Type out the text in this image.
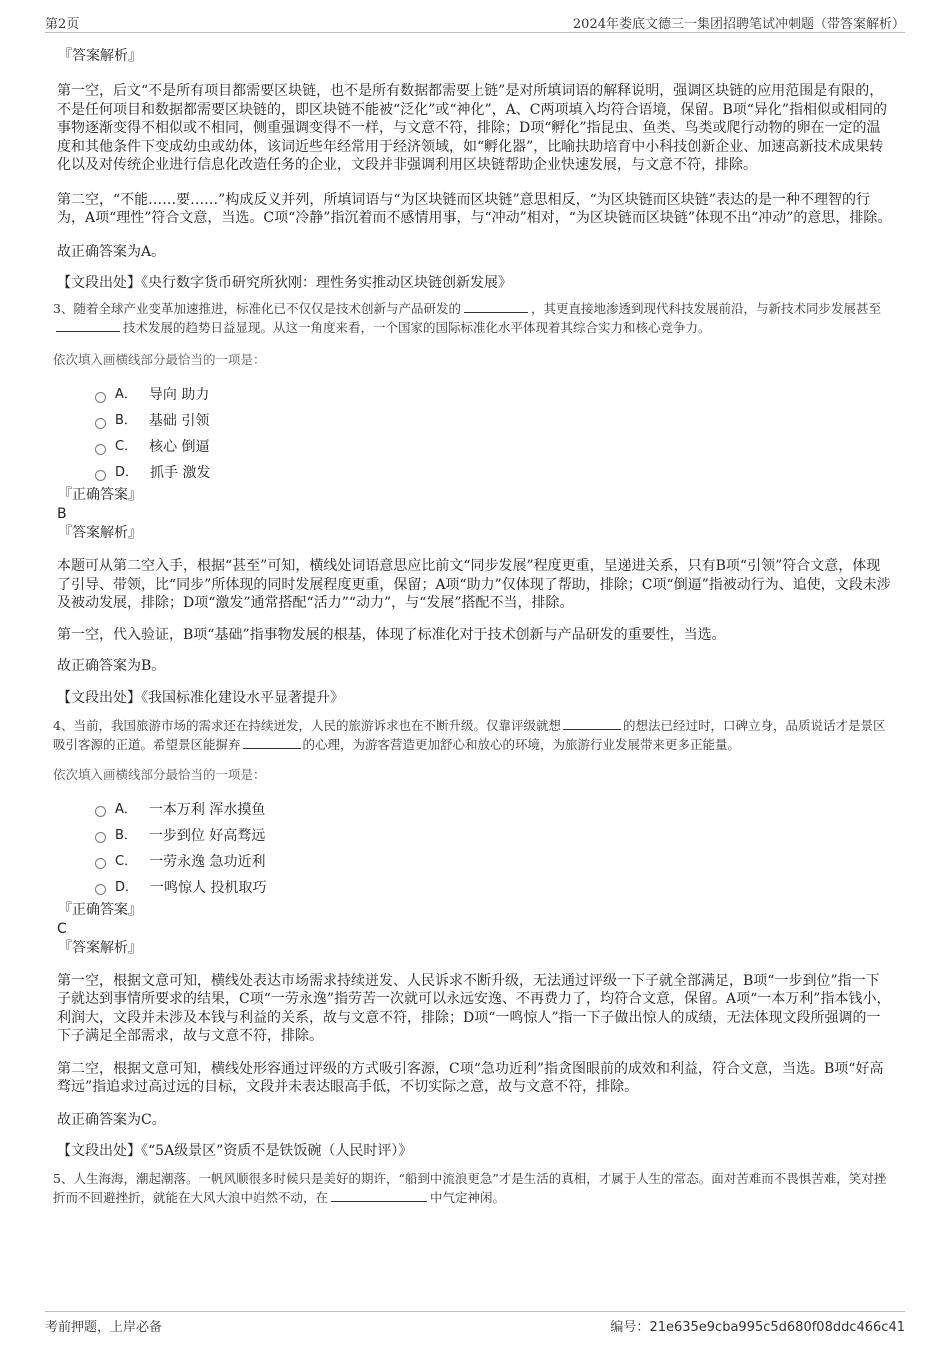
第2页	2024年娄底文德三一集团招聘笔试冲刺题（带答案解析）
『答案解析』

第一空，后文“不是所有项目都需要区块链，也不是所有数据都需要上链”是对所填词语的解释说明，强调区块链的应用范围是有限的，不是任何项目和数据都需要区块链的，即区块链不能被“泛化”或“神化”，A、C两项填入均符合语境，保留。B项“异化”指相似或相同的事物逐渐变得不相似或不相同，侧重强调变得不一样，与文意不符，排除；D项“孵化”指昆虫、鱼类、鸟类或爬行动物的卵在一定的温度和其他条件下变成幼虫或幼体，该词近些年经常用于经济领域，如“孵化器”，比喻扶助培育中小科技创新企业、加速高新技术成果转化以及对传统企业进行信息化改造任务的企业，文段并非强调利用区块链帮助企业快速发展，与文意不符，排除。

第二空，“不能……要……”构成反义并列，所填词语与“为区块链而区块链”意思相反，“为区块链而区块链”表达的是一种不理智的行为，A项“理性”符合文意，当选。C项“冷静”指沉着而不感情用事，与“冲动”相对，“为区块链而区块链”体现不出“冲动”的意思，排除。

故正确答案为A。

【文段出处】《央行数字货币研究所狄刚：理性务实推动区块链创新发展》

3、随着全球产业变革加速推进，标准化已不仅仅是技术创新与产品研发的	，其更直接地渗透到现代科技发展前沿，与新技术同步发展甚至技术发展的趋势日益显现。从这一角度来看，一个国家的国际标准化水平体现着其综合实力和核心竞争力。

依次填入画横线部分最恰当的一项是：
A． 导向 助力
B． 基础 引领
C． 核心 倒逼
D． 抓手 激发
『正确答案』
B
『答案解析』

本题可从第二空入手，根据“甚至”可知，横线处词语意思应比前文“同步发展”程度更重，呈递进关系，只有B项“引领”符合文意，体现了引导、带领，比“同步”所体现的同时发展程度更重，保留；A项“助力”仅体现了帮助，排除；C项“倒逼”指被动行为、追使，文段未涉及被动发展，排除；D项“激发”通常搭配“活力”“动力”，与“发展”搭配不当，排除。

第一空，代入验证，B项“基础”指事物发展的根基，体现了标准化对于技术创新与产品研发的重要性，当选。

故正确答案为B。

【文段出处】《我国标准化建设水平显著提升》

4、当前，我国旅游市场的需求还在持续迸发，人民的旅游诉求也在不断升级。仅靠评级就想	的想法已经过时，口碑立身，品质说话才是景区吸引客源的正道。希望景区能摒弃	的心理，为游客营造更加舒心和放心的环境，为旅游行业发展带来更多正能量。

依次填入画横线部分最恰当的一项是：
A． 一本万利 浑水摸鱼
B． 一步到位 好高骛远
C． 一劳永逸 急功近利
D． 一鸣惊人 投机取巧
『正确答案』
C
『答案解析』

第一空，根据文意可知，横线处表达市场需求持续迸发、人民诉求不断升级，无法通过评级一下子就全部满足，B项“一步到位”指一下子就达到事情所要求的结果，C项“一劳永逸”指劳苦一次就可以永远安逸、不再费力了，均符合文意，保留。A项“一本万利”指本钱小，利润大，文段并未涉及本钱与利益的关系，故与文意不符，排除；D项“一鸣惊人”指一下子做出惊人的成绩，无法体现文段所强调的一下子满足全部需求，故与文意不符，排除。

第二空，根据文意可知，横线处形容通过评级的方式吸引客源，C项“急功近利”指贪图眼前的成效和利益，符合文意，当选。B项“好高骛远”指追求过高过远的目标，文段并未表达眼高手低，不切实际之意，故与文意不符，排除。

故正确答案为C。

【文段出处】《“5A级景区”资质不是铁饭碗（人民时评）》

5、人生海海，潮起潮落。一帆风顺很多时候只是美好的期许，“船到中流浪更急”才是生活的真相，才属于人生的常态。面对苦难而不畏惧苦难，笑对挫折而不回避挫折，就能在大风大浪中岿然不动，在	中气定神闲。

考前押题，上岸必备	编号：21e635e9cba995c5d680f08ddc466c41
